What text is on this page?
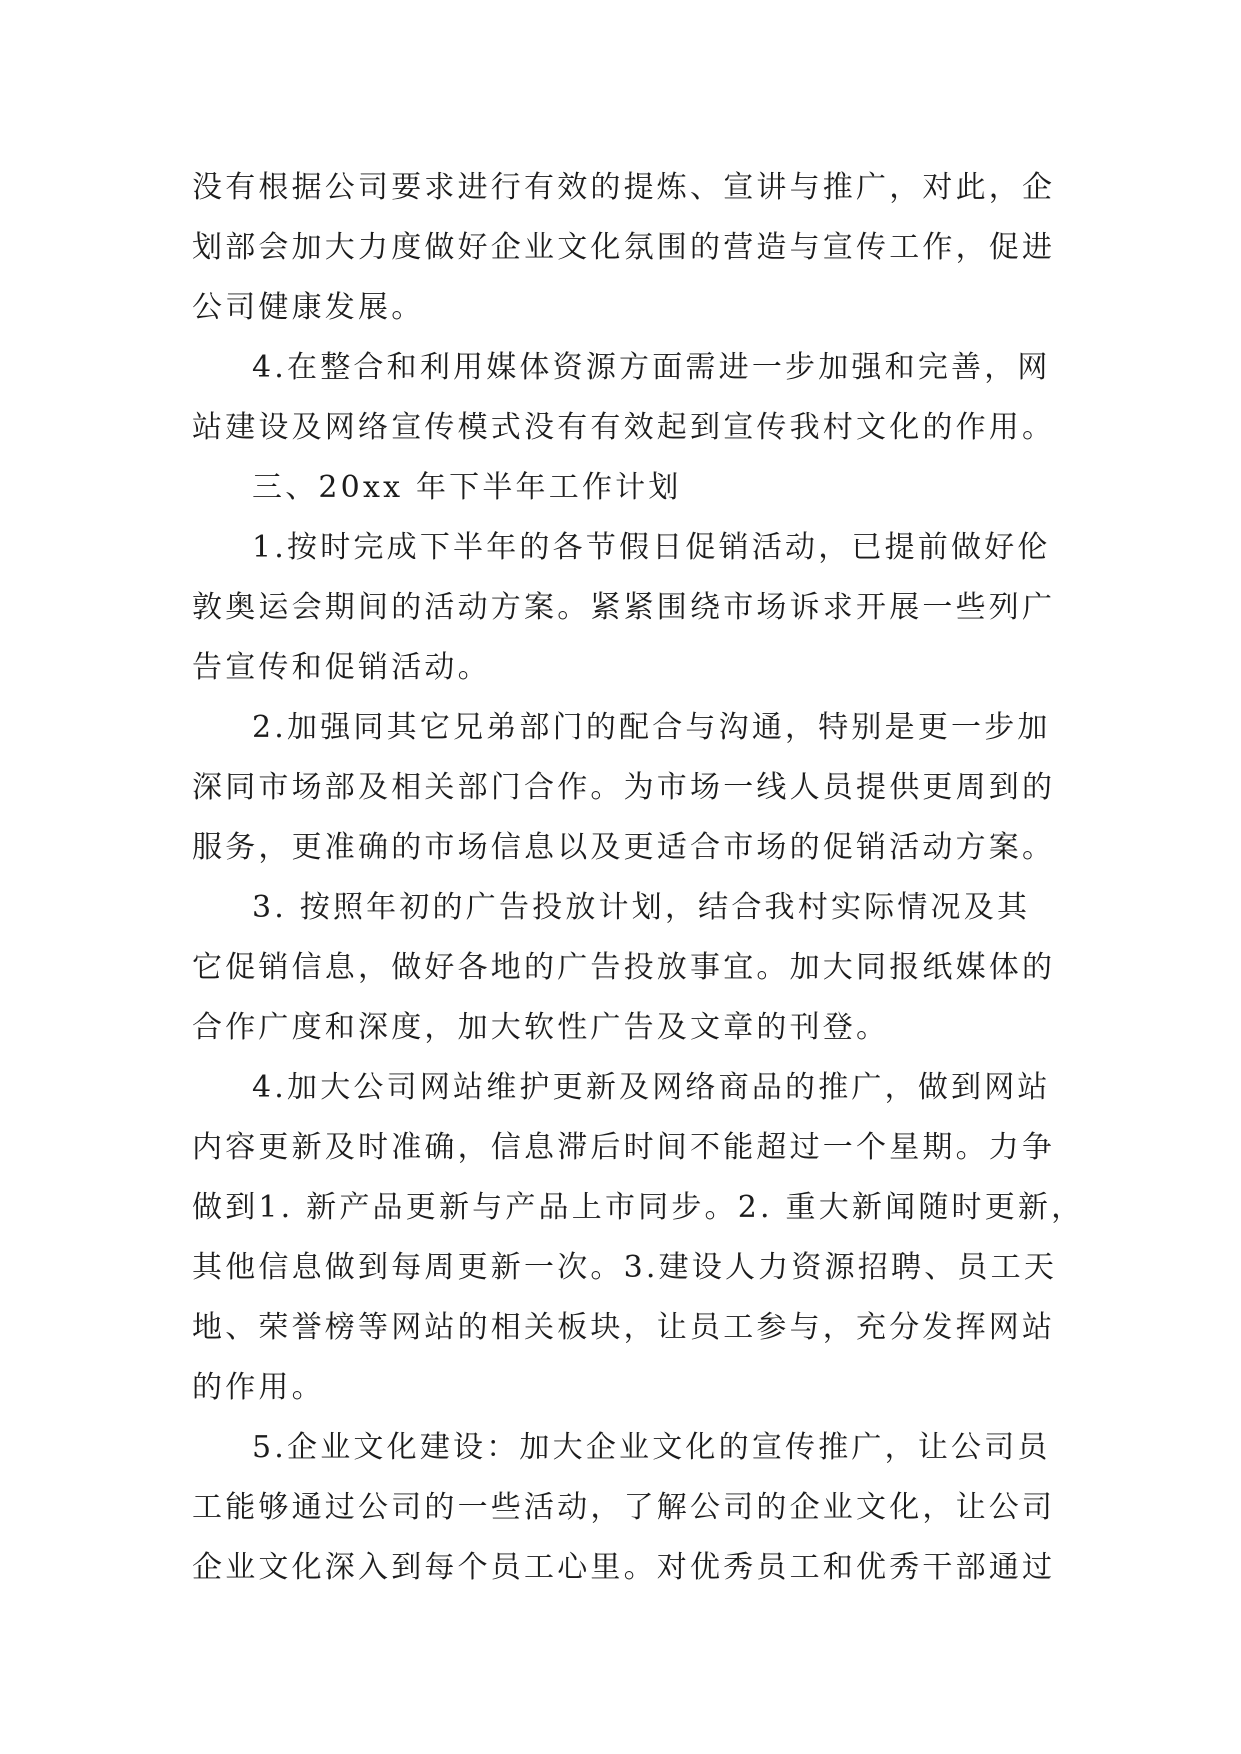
没有根据公司要求进行有效的提炼、宣讲与推广，对此，企
划部会加大力度做好企业文化氛围的营造与宣传工作，促进
公司健康发展。
4.在整合和利用媒体资源方面需进一步加强和完善，网
站建设及网络宣传模式没有有效起到宣传我村文化的作用。
三、20xx 年下半年工作计划
1.按时完成下半年的各节假日促销活动，已提前做好伦
敦奥运会期间的活动方案。紧紧围绕市场诉求开展一些列广
告宣传和促销活动。
2.加强同其它兄弟部门的配合与沟通，特别是更一步加
深同市场部及相关部门合作。为市场一线人员提供更周到的
服务，更准确的市场信息以及更适合市场的促销活动方案。
3. 按照年初的广告投放计划，结合我村实际情况及其
它促销信息，做好各地的广告投放事宜。加大同报纸媒体的
合作广度和深度，加大软性广告及文章的刊登。
4.加大公司网站维护更新及网络商品的推广，做到网站
内容更新及时准确，信息滞后时间不能超过一个星期。力争
做到1. 新产品更新与产品上市同步。2. 重大新闻随时更新，
其他信息做到每周更新一次。3.建设人力资源招聘、员工天
地、荣誉榜等网站的相关板块，让员工参与，充分发挥网站
的作用。
5.企业文化建设：加大企业文化的宣传推广，让公司员
工能够通过公司的一些活动，了解公司的企业文化，让公司
企业文化深入到每个员工心里。对优秀员工和优秀干部通过
